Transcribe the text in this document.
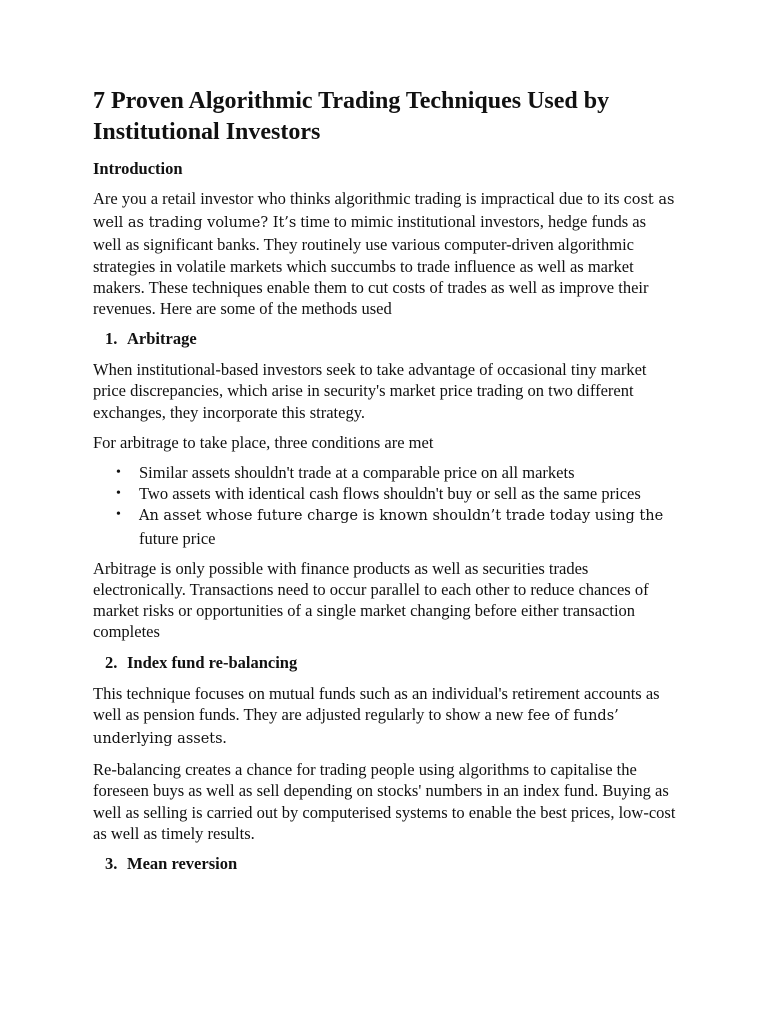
7 Proven Algorithmic Trading Techniques Used by Institutional Investors
Introduction

Are you a retail investor who thinks algorithmic trading is impractical due to its cost as well as trading volume? It’s time to mimic institutional investors, hedge funds as well as significant banks. They routinely use various computer-driven algorithmic strategies in volatile markets which succumbs to trade influence as well as market makers. These techniques enable them to cut costs of trades as well as improve their revenues. Here are some of the methods used

1. Arbitrage

When institutional-based investors seek to take advantage of occasional tiny market price discrepancies, which arise in security's market price trading on two different exchanges, they incorporate this strategy.

For arbitrage to take place, three conditions are met

• Similar assets shouldn't trade at a comparable price on all markets
• Two assets with identical cash flows shouldn't buy or sell as the same prices
• An asset whose future charge is known shouldn’t trade today using the future price

Arbitrage is only possible with finance products as well as securities trades electronically. Transactions need to occur parallel to each other to reduce chances of market risks or opportunities of a single market changing before either transaction completes

2. Index fund re-balancing

This technique focuses on mutual funds such as an individual's retirement accounts as well as pension funds. They are adjusted regularly to show a new fee of funds’ underlying assets.

Re-balancing creates a chance for trading people using algorithms to capitalise the foreseen buys as well as sell depending on stocks' numbers in an index fund. Buying as well as selling is carried out by computerised systems to enable the best prices, low-cost as well as timely results.

3. Mean reversion
